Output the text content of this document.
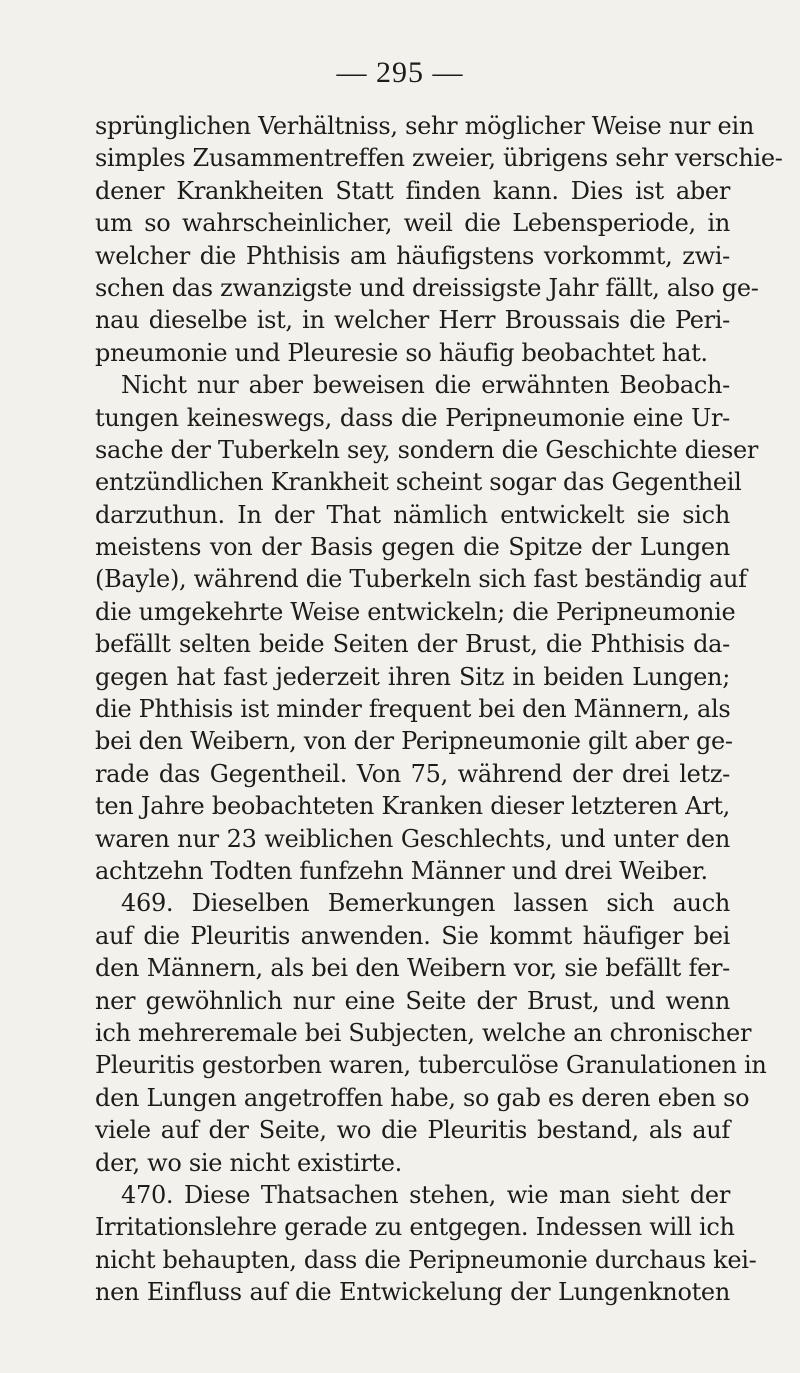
— 295 —
sprünglichen Verhältniss, sehr möglicher Weise nur ein
simples Zusammentreffen zweier, übrigens sehr verschie-
dener Krankheiten Statt finden kann. Dies ist aber
um so wahrscheinlicher, weil die Lebensperiode, in
welcher die Phthisis am häufigstens vorkommt, zwi-
schen das zwanzigste und dreissigste Jahr fällt, also ge-
nau dieselbe ist, in welcher Herr Broussais die Peri-
pneumonie und Pleuresie so häufig beobachtet hat.
Nicht nur aber beweisen die erwähnten Beobach-
tungen keineswegs, dass die Peripneumonie eine Ur-
sache der Tuberkeln sey, sondern die Geschichte dieser
entzündlichen Krankheit scheint sogar das Gegentheil
darzuthun. In der That nämlich entwickelt sie sich
meistens von der Basis gegen die Spitze der Lungen
(Bayle), während die Tuberkeln sich fast beständig auf
die umgekehrte Weise entwickeln; die Peripneumonie
befällt selten beide Seiten der Brust, die Phthisis da-
gegen hat fast jederzeit ihren Sitz in beiden Lungen;
die Phthisis ist minder frequent bei den Männern, als
bei den Weibern, von der Peripneumonie gilt aber ge-
rade das Gegentheil. Von 75, während der drei letz-
ten Jahre beobachteten Kranken dieser letzteren Art,
waren nur 23 weiblichen Geschlechts, und unter den
achtzehn Todten funfzehn Männer und drei Weiber.
469. Dieselben Bemerkungen lassen sich auch
auf die Pleuritis anwenden. Sie kommt häufiger bei
den Männern, als bei den Weibern vor, sie befällt fer-
ner gewöhnlich nur eine Seite der Brust, und wenn
ich mehreremale bei Subjecten, welche an chronischer
Pleuritis gestorben waren, tuberculöse Granulationen in
den Lungen angetroffen habe, so gab es deren eben so
viele auf der Seite, wo die Pleuritis bestand, als auf
der, wo sie nicht existirte.
470. Diese Thatsachen stehen, wie man sieht der
Irritationslehre gerade zu entgegen. Indessen will ich
nicht behaupten, dass die Peripneumonie durchaus kei-
nen Einfluss auf die Entwickelung der Lungenknoten
